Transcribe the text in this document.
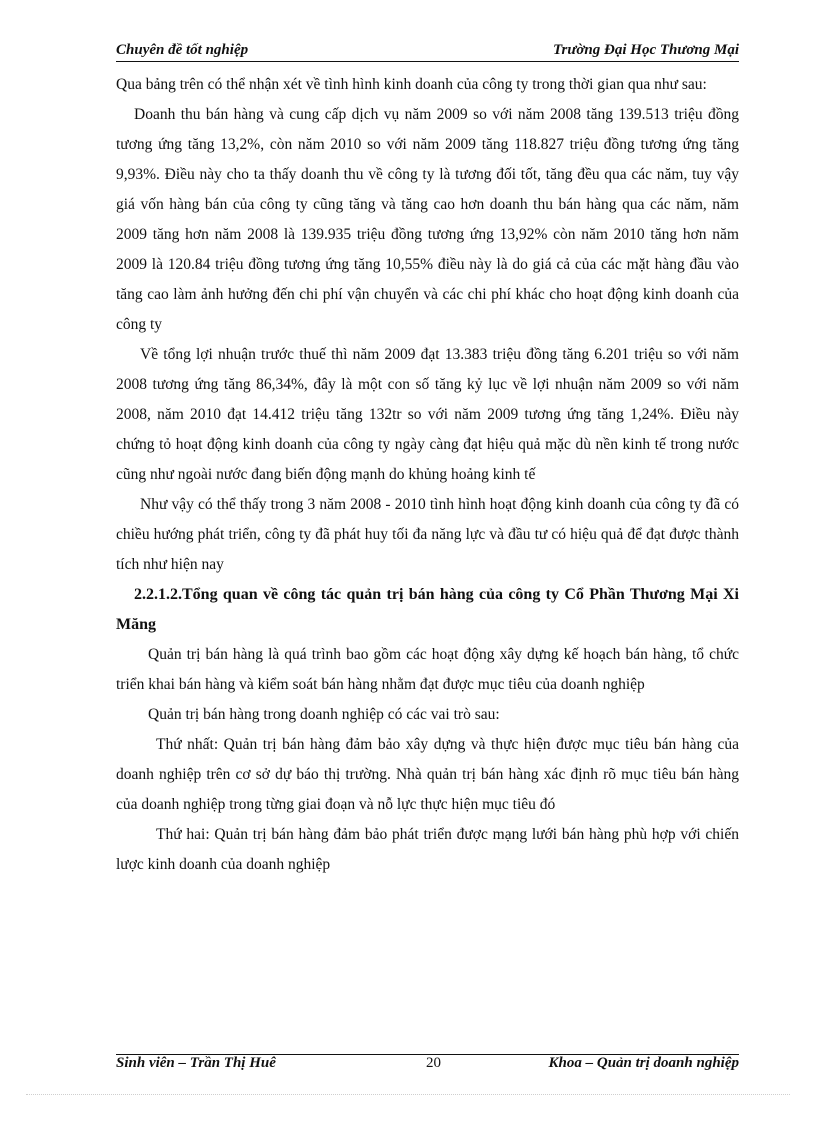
Chuyên đề tốt nghiệp	Trường Đại Học Thương Mại

Qua bảng trên có thể nhận xét về tình hình kinh doanh của công ty trong thời gian qua như sau:

Doanh thu bán hàng và cung cấp dịch vụ năm 2009 so với năm 2008 tăng 139.513 triệu đồng tương ứng tăng 13,2%, còn năm 2010 so với năm 2009 tăng 118.827 triệu đồng tương ứng tăng 9,93%. Điều này cho ta thấy doanh thu về công ty là tương đối tốt, tăng đều qua các năm, tuy vậy giá vốn hàng bán của công ty cũng tăng và tăng cao hơn doanh thu bán hàng qua các năm, năm 2009 tăng hơn năm 2008 là 139.935 triệu đồng tương ứng 13,92% còn năm 2010 tăng hơn năm 2009 là 120.84 triệu đồng tương ứng tăng 10,55% điều này là do giá cả của các mặt hàng đầu vào tăng cao làm ảnh hưởng đến chi phí vận chuyển và các chi phí khác cho hoạt động kinh doanh của công ty

Về tổng lợi nhuận trước thuế thì năm 2009 đạt 13.383 triệu đồng tăng 6.201 triệu so với năm 2008 tương ứng tăng 86,34%, đây là một con số tăng kỷ lục về lợi nhuận năm 2009 so với năm 2008, năm 2010 đạt 14.412 triệu tăng 132tr so với năm 2009 tương ứng tăng 1,24%. Điều này chứng tỏ hoạt động kinh doanh của công ty ngày càng đạt hiệu quả mặc dù nền kinh tế trong nước cũng như ngoài nước đang biến động mạnh do khủng hoảng kinh tế

Như vậy có thể thấy trong 3 năm 2008 - 2010 tình hình hoạt động kinh doanh của công ty đã có chiều hướng phát triển, công ty đã phát huy tối đa năng lực và đầu tư có hiệu quả để đạt được thành tích như hiện nay

2.2.1.2.Tổng quan về công tác quản trị bán hàng của công ty Cổ Phần Thương Mại Xi Măng

Quản trị bán hàng là quá trình bao gồm các hoạt động xây dựng kế hoạch bán hàng, tổ chức triển khai bán hàng và kiểm soát bán hàng nhằm đạt được mục tiêu của doanh nghiệp

Quản trị bán hàng trong doanh nghiệp có các vai trò sau:

Thứ nhất: Quản trị bán hàng đảm bảo xây dựng và thực hiện được mục tiêu bán hàng của doanh nghiệp trên cơ sở dự báo thị trường. Nhà quản trị bán hàng xác định rõ mục tiêu bán hàng của doanh nghiệp trong từng giai đoạn và nỗ lực thực hiện mục tiêu đó

Thứ hai: Quản trị bán hàng đảm bảo phát triển được mạng lưới bán hàng phù hợp với chiến lược kinh doanh của doanh nghiệp

Sinh viên – Trần Thị Huê	20	Khoa – Quản trị doanh nghiệp
